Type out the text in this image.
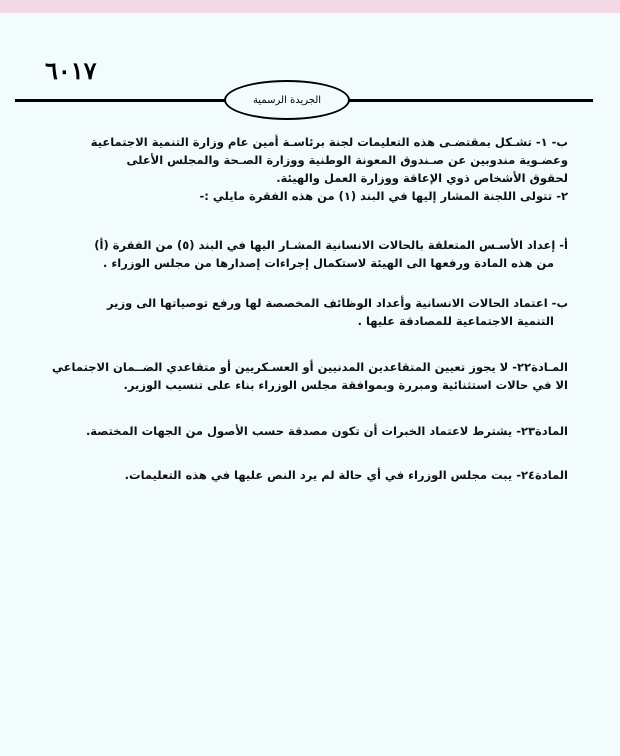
٦٠١٧
الجريدة الرسمية
ب- ١- تشـكل بمقتضـى هذه التعليمات لجنة برئاسـة أمين عام وزارة التنمية الاجتماعية
وعضـوية مندوبين عن صـندوق المعونة الوطنية ووزارة الصـحة والمجلس الأعلى
لحقوق الأشخاص ذوي الإعاقة ووزارة العمل والهيئة.
٢- تتولى اللجنة المشار إليها في البند (١) من هذه الفقرة مايلي :-
أ- إعداد الأسـس المتعلقة بالحالات الانسانية المشـار اليها في البند (٥) من الفقرة (أ)
من هذه المادة ورفعها الى الهيئة لاستكمال إجراءات إصدارها من مجلس الوزراء .
ب- اعتماد الحالات الانسانية وأعداد الوظائف المخصصة لها ورفع توصياتها الى وزير
التنمية الاجتماعية للمصادقة عليها .
المـادة٢٢- لا يجوز تعيين المتقاعدين المدنيين أو العسـكريين أو متقاعدي الضــمان الاجتماعي
الا في حالات استثنائية ومبررة وبموافقة مجلس الوزراء بناء على تنسيب الوزير.
المادة٢٣- يشترط لاعتماد الخبرات أن تكون مصدقة حسب الأصول من الجهات المختصة.
المادة٢٤- يبت مجلس الوزراء في أي حالة لم يرد النص عليها في هذه التعليمات.
